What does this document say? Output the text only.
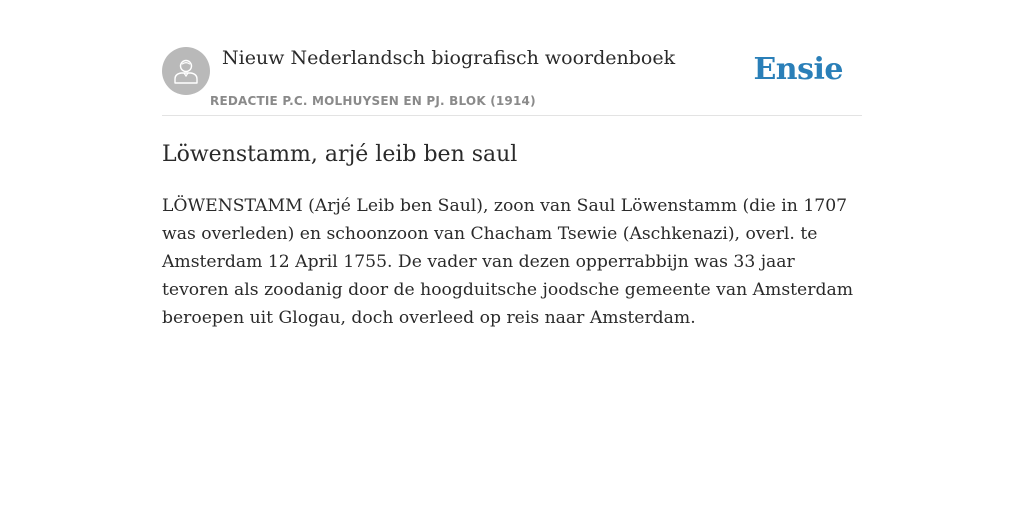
Nieuw Nederlandsch biografisch woordenboek
REDACTIE P.C. MOLHUYSEN EN PJ. BLOK (1914)
Ensie
Löwenstamm, arjé leib ben saul

LÖWENSTAMM (Arjé Leib ben Saul), zoon van Saul Löwenstamm (die in 1707 was overleden) en schoonzoon van Chacham Tsewie (Aschkenazi), overl. te Amsterdam 12 April 1755. De vader van dezen opperrabbijn was 33 jaar tevoren als zoodanig door de hoogduitsche joodsche gemeente van Amsterdam beroepen uit Glogau, doch overleed op reis naar Amsterdam.
